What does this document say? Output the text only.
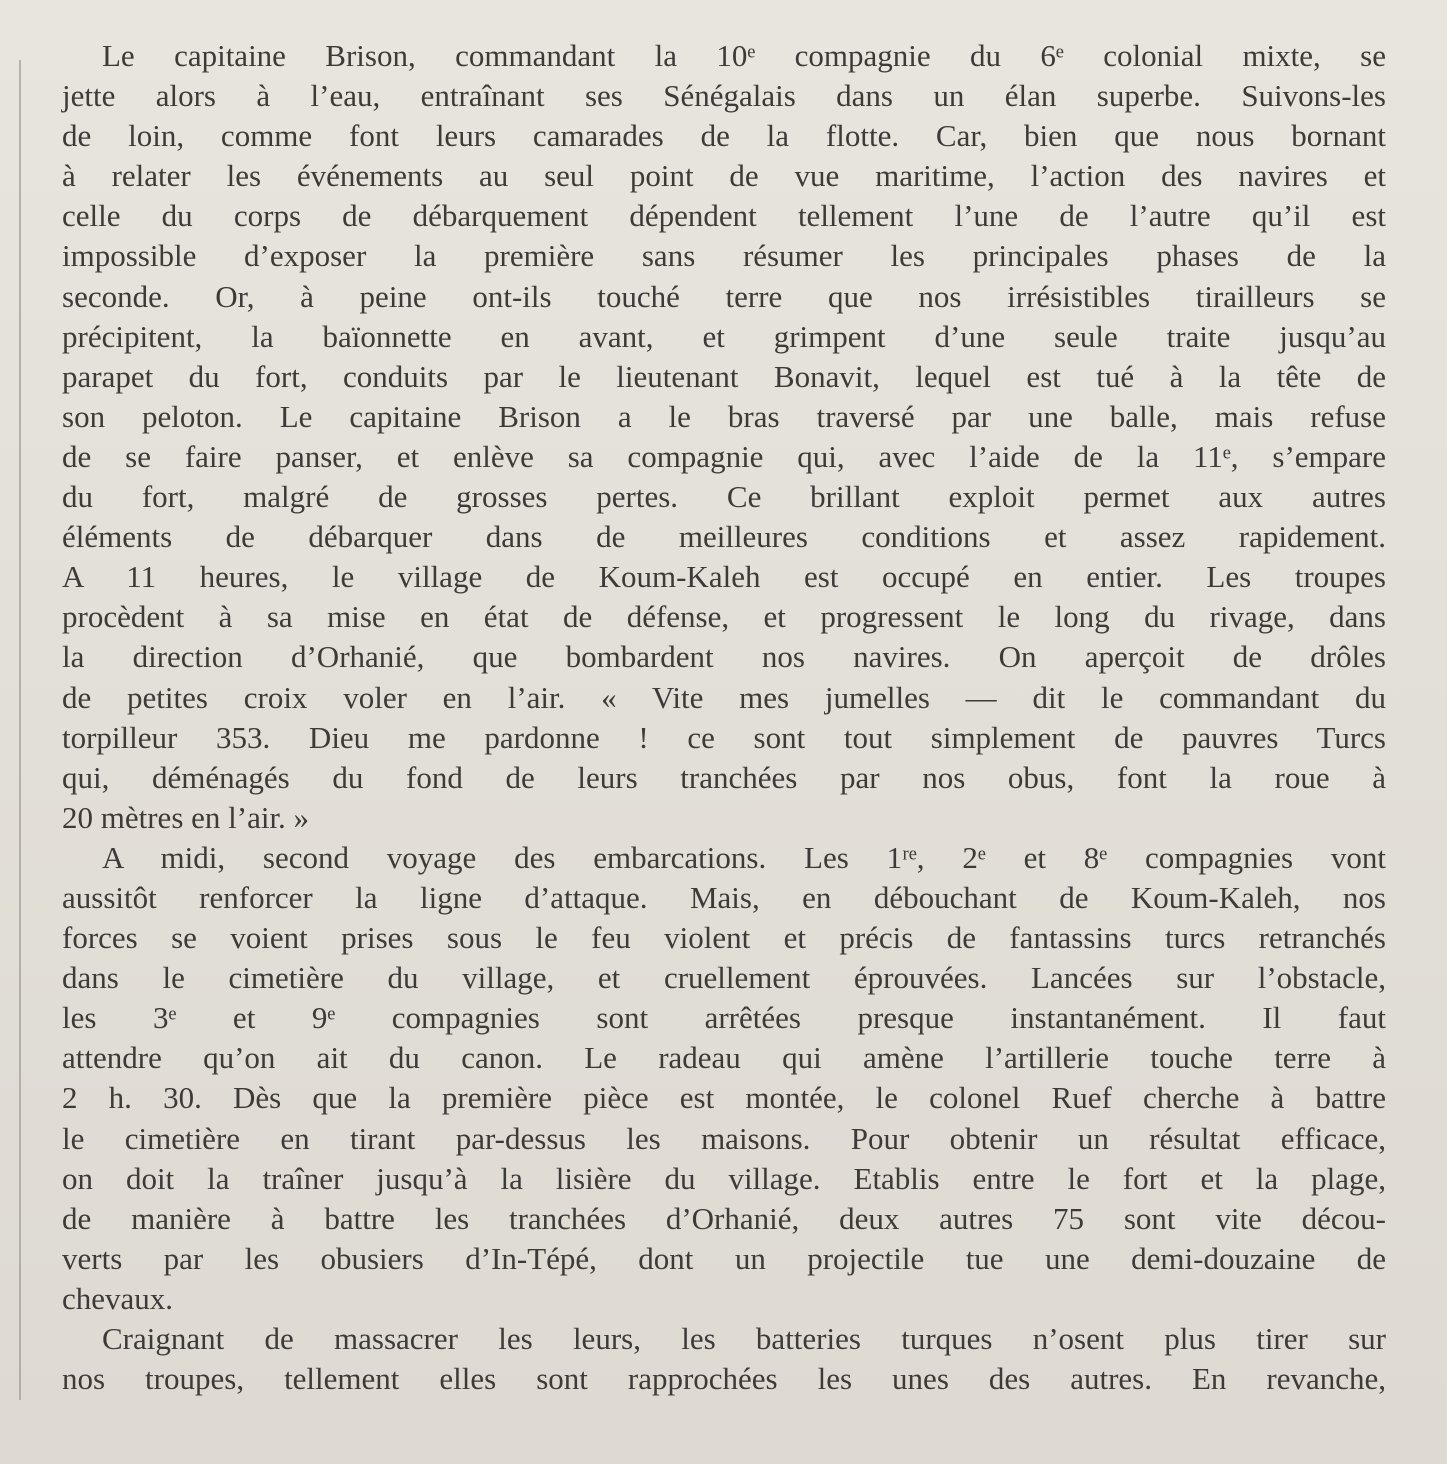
Le capitaine Brison, commandant la 10ᵉ compagnie du 6ᵉ colonial mixte, se
jette alors à l’eau, entraînant ses Sénégalais dans un élan superbe. Suivons-les
de loin, comme font leurs camarades de la flotte. Car, bien que nous bornant
à relater les événements au seul point de vue maritime, l’action des navires et
celle du corps de débarquement dépendent tellement l’une de l’autre qu’il est
impossible d’exposer la première sans résumer les principales phases de la
seconde. Or, à peine ont-ils touché terre que nos irrésistibles tirailleurs se
précipitent, la baïonnette en avant, et grimpent d’une seule traite jusqu’au
parapet du fort, conduits par le lieutenant Bonavit, lequel est tué à la tête de
son peloton. Le capitaine Brison a le bras traversé par une balle, mais refuse
de se faire panser, et enlève sa compagnie qui, avec l’aide de la 11ᵉ, s’empare
du fort, malgré de grosses pertes. Ce brillant exploit permet aux autres
éléments de débarquer dans de meilleures conditions et assez rapidement.
A 11 heures, le village de Koum-Kaleh est occupé en entier. Les troupes
procèdent à sa mise en état de défense, et progressent le long du rivage, dans
la direction d’Orhanié, que bombardent nos navires. On aperçoit de drôles
de petites croix voler en l’air. « Vite mes jumelles — dit le commandant du
torpilleur 353. Dieu me pardonne ! ce sont tout simplement de pauvres Turcs
qui, déménagés du fond de leurs tranchées par nos obus, font la roue à
20 mètres en l’air. »
A midi, second voyage des embarcations. Les 1ʳᵉ, 2ᵉ et 8ᵉ compagnies vont
aussitôt renforcer la ligne d’attaque. Mais, en débouchant de Koum-Kaleh, nos
forces se voient prises sous le feu violent et précis de fantassins turcs retranchés
dans le cimetière du village, et cruellement éprouvées. Lancées sur l’obstacle,
les 3ᵉ et 9ᵉ compagnies sont arrêtées presque instantanément. Il faut
attendre qu’on ait du canon. Le radeau qui amène l’artillerie touche terre à
2 h. 30. Dès que la première pièce est montée, le colonel Ruef cherche à battre
le cimetière en tirant par-dessus les maisons. Pour obtenir un résultat efficace,
on doit la traîner jusqu’à la lisière du village. Etablis entre le fort et la plage,
de manière à battre les tranchées d’Orhanié, deux autres 75 sont vite décou-
verts par les obusiers d’In-Tépé, dont un projectile tue une demi-douzaine de
chevaux.
Craignant de massacrer les leurs, les batteries turques n’osent plus tirer sur
nos troupes, tellement elles sont rapprochées les unes des autres. En revanche,
